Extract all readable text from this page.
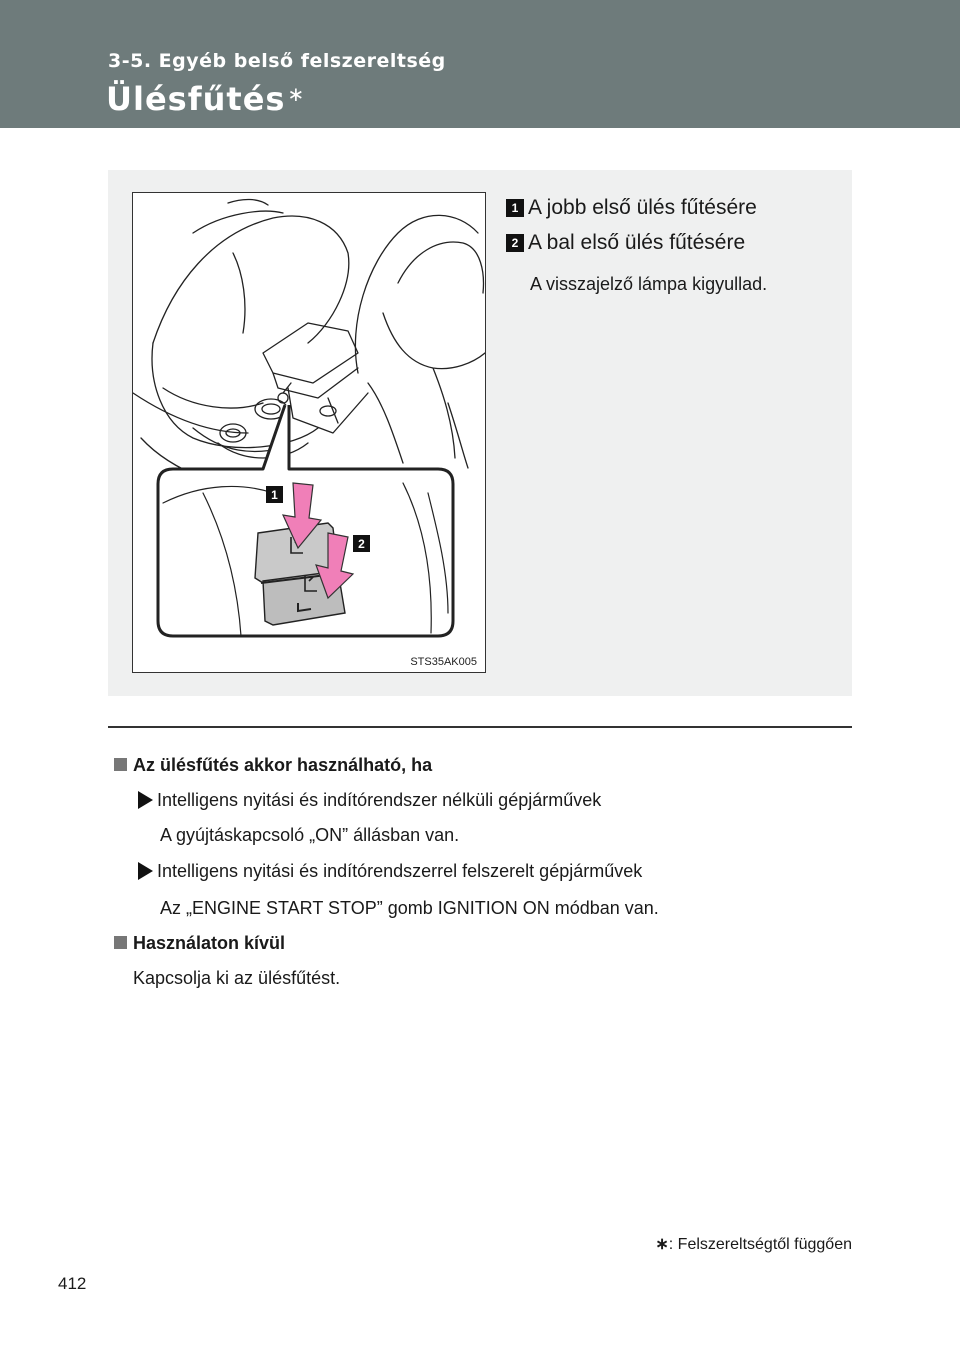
3-5. Egyéb belső felszereltség
Ülésfűtés ∗
1
2
STS35AK005
1 A jobb első ülés fűtésére
2 A bal első ülés fűtésére
A visszajelző lámpa kigyullad.
Az ülésfűtés akkor használható, ha
Intelligens nyitási és indítórendszer nélküli gépjárművek
A gyújtáskapcsoló „ON” állásban van.
Intelligens nyitási és indítórendszerrel felszerelt gépjárművek
Az „ENGINE START STOP” gomb IGNITION ON módban van.
Használaton kívül
Kapcsolja ki az ülésfűtést.
∗: Felszereltségtől függően
412
